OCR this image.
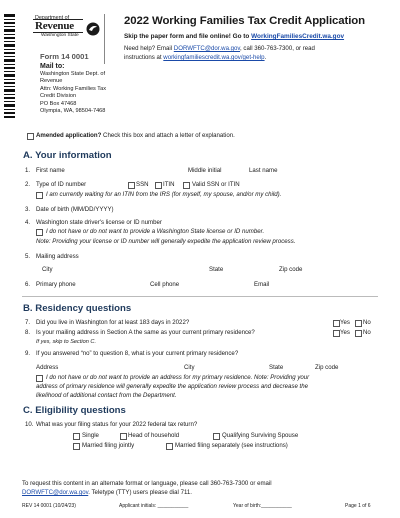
Department of
Revenue
Washington State
Form 14 0001
Mail to:
Washington State Dept. of
Revenue
Attn: Working Families Tax
Credit Division
PO Box 47468
Olympia, WA, 98504-7468
2022 Working Families Tax Credit Application
Skip the paper form and file online! Go to WorkingFamiliesCredit.wa.gov
Need help? Email DORWFTC@dor.wa.gov, call 360-763-7300, or read
instructions at workingfamiliescredit.wa.gov/get-help.
Amended application? Check this box and attach a letter of explanation.
A. Your information
1. First name	Middle initial	Last name
2. Type of ID number	SSN ITIN	Valid SSN or ITIN
I am currently waiting for an ITIN from the IRS (for myself, my spouse, and/or my child).
3. Date of birth (MM/DD/YYYY)
4. Washington state driver's license or ID number
I do not have or do not want to provide a Washington State license or ID number.
Note: Providing your license or ID number will generally expedite the application review process.
5. Mailing address
City	State	Zip code
6. Primary phone	Cell phone	Email
B. Residency questions
7. Did you live in Washington for at least 183 days in 2022?	Yes No
8. Is your mailing address in Section A the same as your current primary residence?	Yes No
If yes, skip to Section C.
9. If you answered “no” to question 8, what is your current primary residence?
Address	City	State	Zip code
I do not have or do not want to provide an address for my primary residence. Note: Providing your
address of primary residence will generally expedite the application review process and decrease the
likelihood of additional contact from the Department.
C. Eligibility questions
10. What was your filing status for your 2022 federal tax return?
Single	Head of household	Qualifying Surviving Spouse
Married filing jointly	Married filing separately (see instructions)
To request this content in an alternate format or language, please call 360-763-7300 or email
DORWFTC@dor.wa.gov. Teletype (TTY) users please dial 711.
REV 14 0001 (10/24/23)	Applicant initials: ___________	Year of birth:___________	Page 1 of 6
